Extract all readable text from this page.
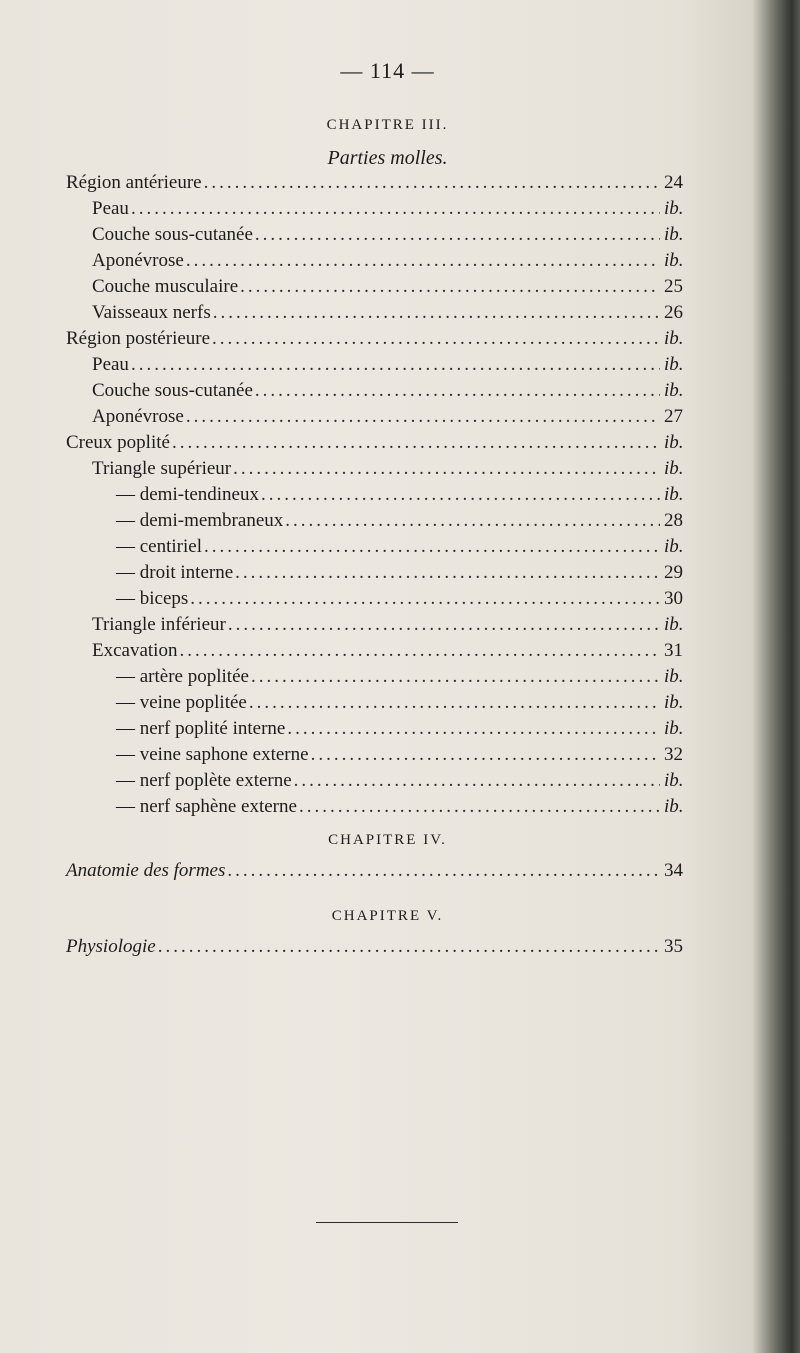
— 114 —
CHAPITRE III.
Parties molles.
Région antérieure .....	24
Peau .....	ib.
Couche sous-cutanée .....	ib.
Aponévrose .....	ib.
Couche musculaire .....	25
Vaisseaux nerfs .....	26
Région postérieure .....	ib.
Peau .....	ib.
Couche sous-cutanée .....	ib.
Aponévrose .....	27
Creux poplité .....	ib.
Triangle supérieur .....	ib.
— demi-tendineux .....	ib.
— demi-membraneux .....	28
— centiriel .....	ib.
— droit interne .....	29
— biceps .....	30
Triangle inférieur .....	ib.
Excavation .....	31
— artère poplitée .....	ib.
— veine poplitée .....	ib.
— nerf poplité interne .....	ib.
— veine saphone externe .....	32
— nerf poplète externe .....	ib.
— nerf saphène externe .....	ib.
CHAPITRE IV.
Anatomie des formes .....	34
CHAPITRE V.
Physiologie .....	35
